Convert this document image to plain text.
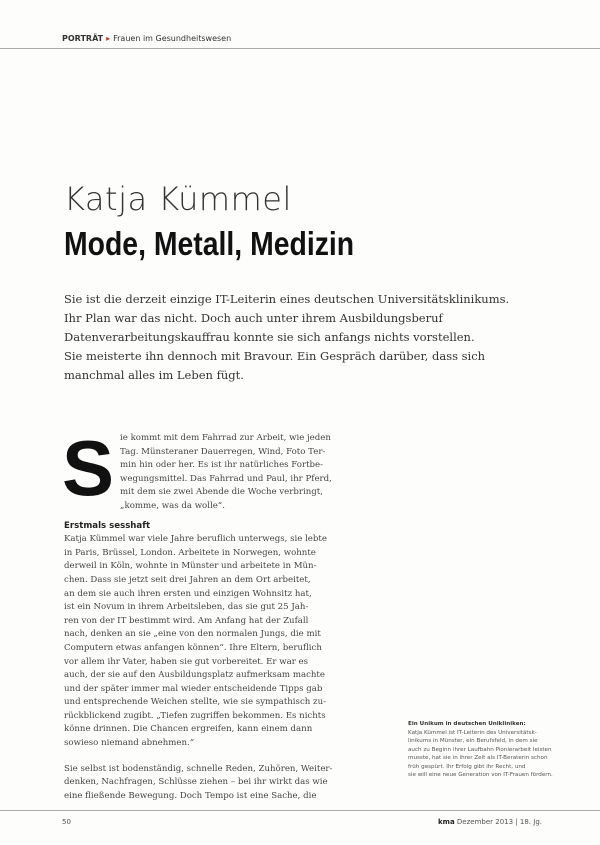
PORTRÄT ▸ Frauen im Gesundheitswesen
Katja Kümmel
Mode, Metall, Medizin

Sie ist die derzeit einzige IT-Leiterin eines deutschen Universitätsklinikums.
Ihr Plan war das nicht. Doch auch unter ihrem Ausbildungsberuf
Datenverarbeitungskauffrau konnte sie sich anfangs nichts vorstellen.
Sie meisterte ihn dennoch mit Bravour. Ein Gespräch darüber, dass sich
manchmal alles im Leben fügt.

S ie kommt mit dem Fahrrad zur Arbeit, wie jeden
Tag. Münsteraner Dauerregen, Wind, Foto Ter-
min hin oder her. Es ist ihr natürliches Fortbe-
wegungsmittel. Das Fahrrad und Paul, ihr Pferd,
mit dem sie zwei Abende die Woche verbringt,
„komme, was da wolle“.

Erstmals sesshaft

Katja Kümmel war viele Jahre beruflich unterwegs, sie lebte
in Paris, Brüssel, London. Arbeitete in Norwegen, wohnte
derweil in Köln, wohnte in Münster und arbeitete in Mün-
chen. Dass sie jetzt seit drei Jahren an dem Ort arbeitet,
an dem sie auch ihren ersten und einzigen Wohnsitz hat,
ist ein Novum in ihrem Arbeitsleben, das sie gut 25 Jah-
ren von der IT bestimmt wird. Am Anfang hat der Zufall
nach, denken an sie „eine von den normalen Jungs, die mit
Computern etwas anfangen können“. Ihre Eltern, beruflich
vor allem ihr Vater, haben sie gut vorbereitet. Er war es
auch, der sie auf den Ausbildungsplatz aufmerksam machte
und der später immer mal wieder entscheidende Tipps gab
und entsprechende Weichen stellte, wie sie sympathisch zu-
rückblickend zugibt. „Tiefen zugriffen bekommen. Es nichts
könne drinnen. Die Chancen ergreifen, kann einem dann
sowieso niemand abnehmen.“

Sie selbst ist bodenständig, schnelle Reden, Zuhören, Weiter-
denken, Nachfragen, Schlüsse ziehen – bei ihr wirkt das wie
eine fließende Bewegung. Doch Tempo ist eine Sache, die

Ein Unikum in deutschen Unikliniken:
Katja Kümmel ist IT-Leiterin des Universitätsk-
linikums in Münster, ein Berufsfeld, in dem sie
auch zu Beginn ihrer Laufbahn Pionierarbeit leisten
musste, hat sie in ihrer Zeit als IT-Beraterin schon
früh gespürt. Ihr Erfolg gibt ihr Recht, und
sie will eine neue Generation von IT-Frauen fördern.
50	kma Dezember 2013 | 18. Jg.
